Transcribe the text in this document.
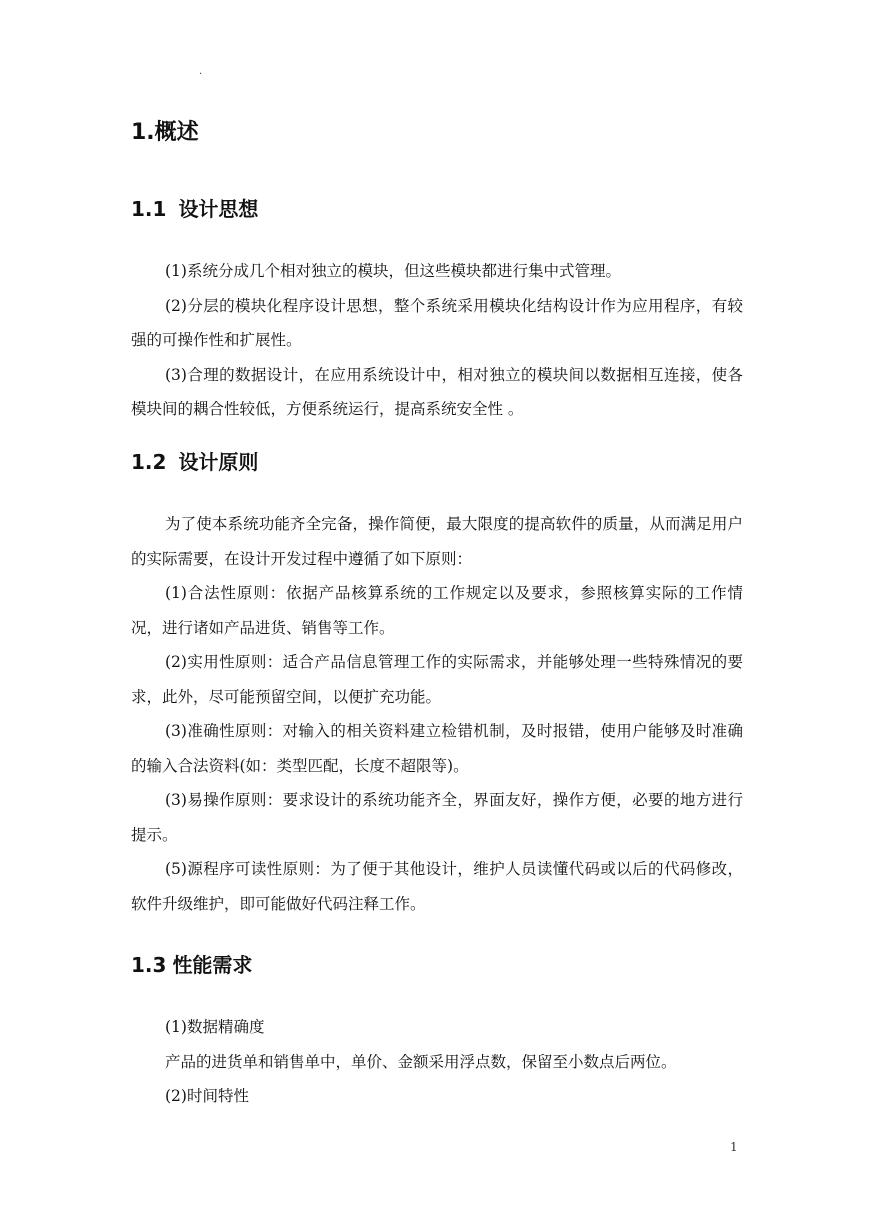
.
1.概述
1.1 设计思想

(1)系统分成几个相对独立的模块，但这些模块都进行集中式管理。

(2)分层的模块化程序设计思想，整个系统采用模块化结构设计作为应用程序，有较强的可操作性和扩展性。

(3)合理的数据设计，在应用系统设计中，相对独立的模块间以数据相互连接，使各模块间的耦合性较低，方便系统运行，提高系统安全性 。

1.2 设计原则

为了使本系统功能齐全完备，操作简便，最大限度的提高软件的质量，从而满足用户的实际需要，在设计开发过程中遵循了如下原则：

(1)合法性原则：依据产品核算系统的工作规定以及要求，参照核算实际的工作情况，进行诸如产品进货、销售等工作。

(2)实用性原则：适合产品信息管理工作的实际需求，并能够处理一些特殊情况的要求，此外，尽可能预留空间，以便扩充功能。

(3)准确性原则：对输入的相关资料建立检错机制，及时报错，使用户能够及时准确的输入合法资料(如：类型匹配，长度不超限等)。

(3)易操作原则：要求设计的系统功能齐全，界面友好，操作方便，必要的地方进行提示。

(5)源程序可读性原则：为了便于其他设计，维护人员读懂代码或以后的代码修改，软件升级维护，即可能做好代码注释工作。

1.3 性能需求

(1)数据精确度

产品的进货单和销售单中，单价、金额采用浮点数，保留至小数点后两位。

(2)时间特性

1
